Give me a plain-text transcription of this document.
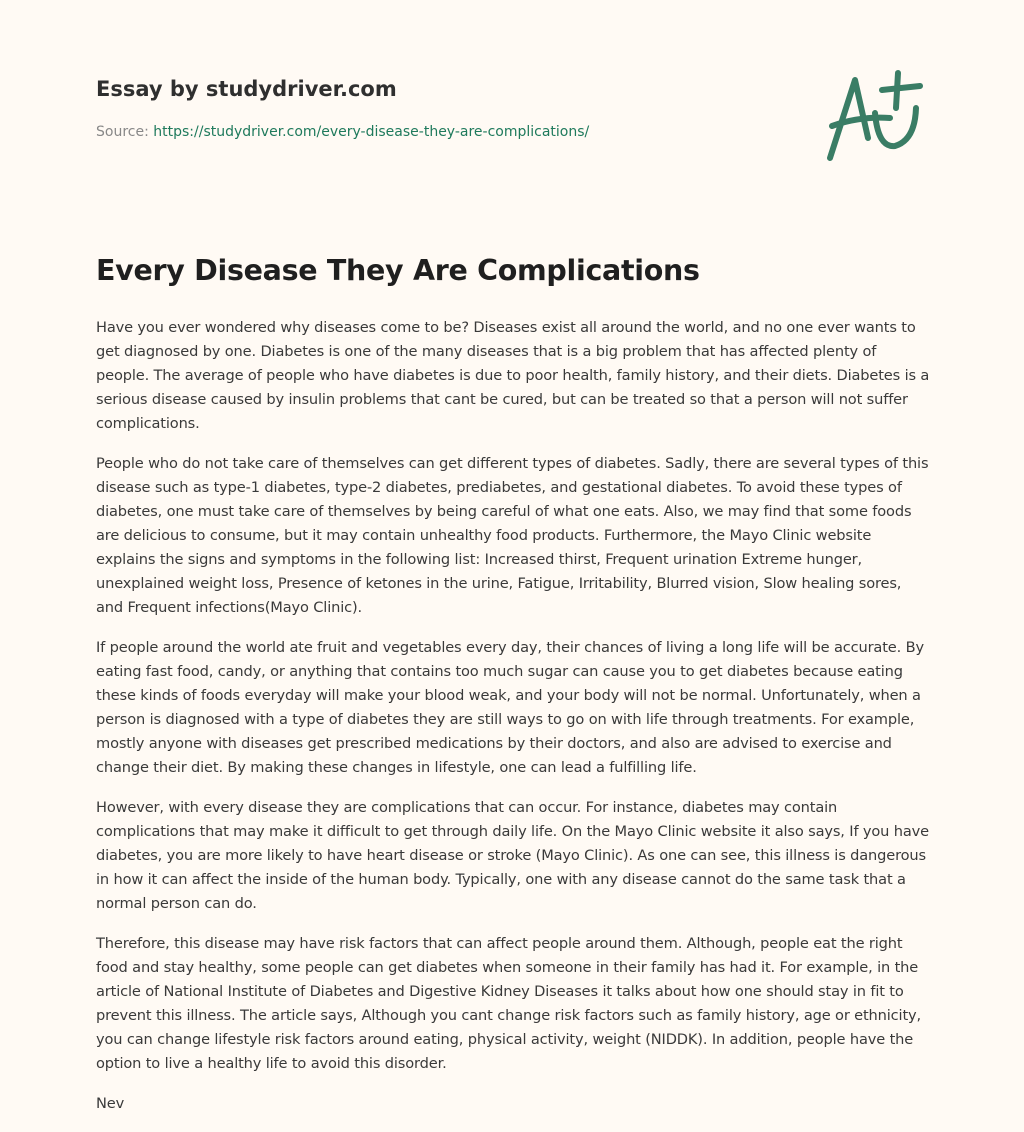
Essay by studydriver.com
Source: https://studydriver.com/every-disease-they-are-complications/
Every Disease They Are Complications

Have you ever wondered why diseases come to be? Diseases exist all around the world, and no one ever wants to get diagnosed by one. Diabetes is one of the many diseases that is a big problem that has affected plenty of people. The average of people who have diabetes is due to poor health, family history, and their diets. Diabetes is a serious disease caused by insulin problems that cant be cured, but can be treated so that a person will not suffer complications.

People who do not take care of themselves can get different types of diabetes. Sadly, there are several types of this disease such as type-1 diabetes, type-2 diabetes, prediabetes, and gestational diabetes. To avoid these types of diabetes, one must take care of themselves by being careful of what one eats. Also, we may find that some foods are delicious to consume, but it may contain unhealthy food products. Furthermore, the Mayo Clinic website explains the signs and symptoms in the following list: Increased thirst, Frequent urination Extreme hunger, unexplained weight loss, Presence of ketones in the urine, Fatigue, Irritability, Blurred vision, Slow healing sores, and Frequent infections(Mayo Clinic).

If people around the world ate fruit and vegetables every day, their chances of living a long life will be accurate. By eating fast food, candy, or anything that contains too much sugar can cause you to get diabetes because eating these kinds of foods everyday will make your blood weak, and your body will not be normal. Unfortunately, when a person is diagnosed with a type of diabetes they are still ways to go on with life through treatments. For example, mostly anyone with diseases get prescribed medications by their doctors, and also are advised to exercise and change their diet. By making these changes in lifestyle, one can lead a fulfilling life.

However, with every disease they are complications that can occur. For instance, diabetes may contain complications that may make it difficult to get through daily life. On the Mayo Clinic website it also says, If you have diabetes, you are more likely to have heart disease or stroke (Mayo Clinic). As one can see, this illness is dangerous in how it can affect the inside of the human body. Typically, one with any disease cannot do the same task that a normal person can do.

Therefore, this disease may have risk factors that can affect people around them. Although, people eat the right food and stay healthy, some people can get diabetes when someone in their family has had it. For example, in the article of National Institute of Diabetes and Digestive Kidney Diseases it talks about how one should stay in fit to prevent this illness. The article says, Although you cant change risk factors such as family history, age or ethnicity, you can change lifestyle risk factors around eating, physical activity, weight (NIDDK). In addition, people have the option to live a healthy life to avoid this disorder.

Nev
